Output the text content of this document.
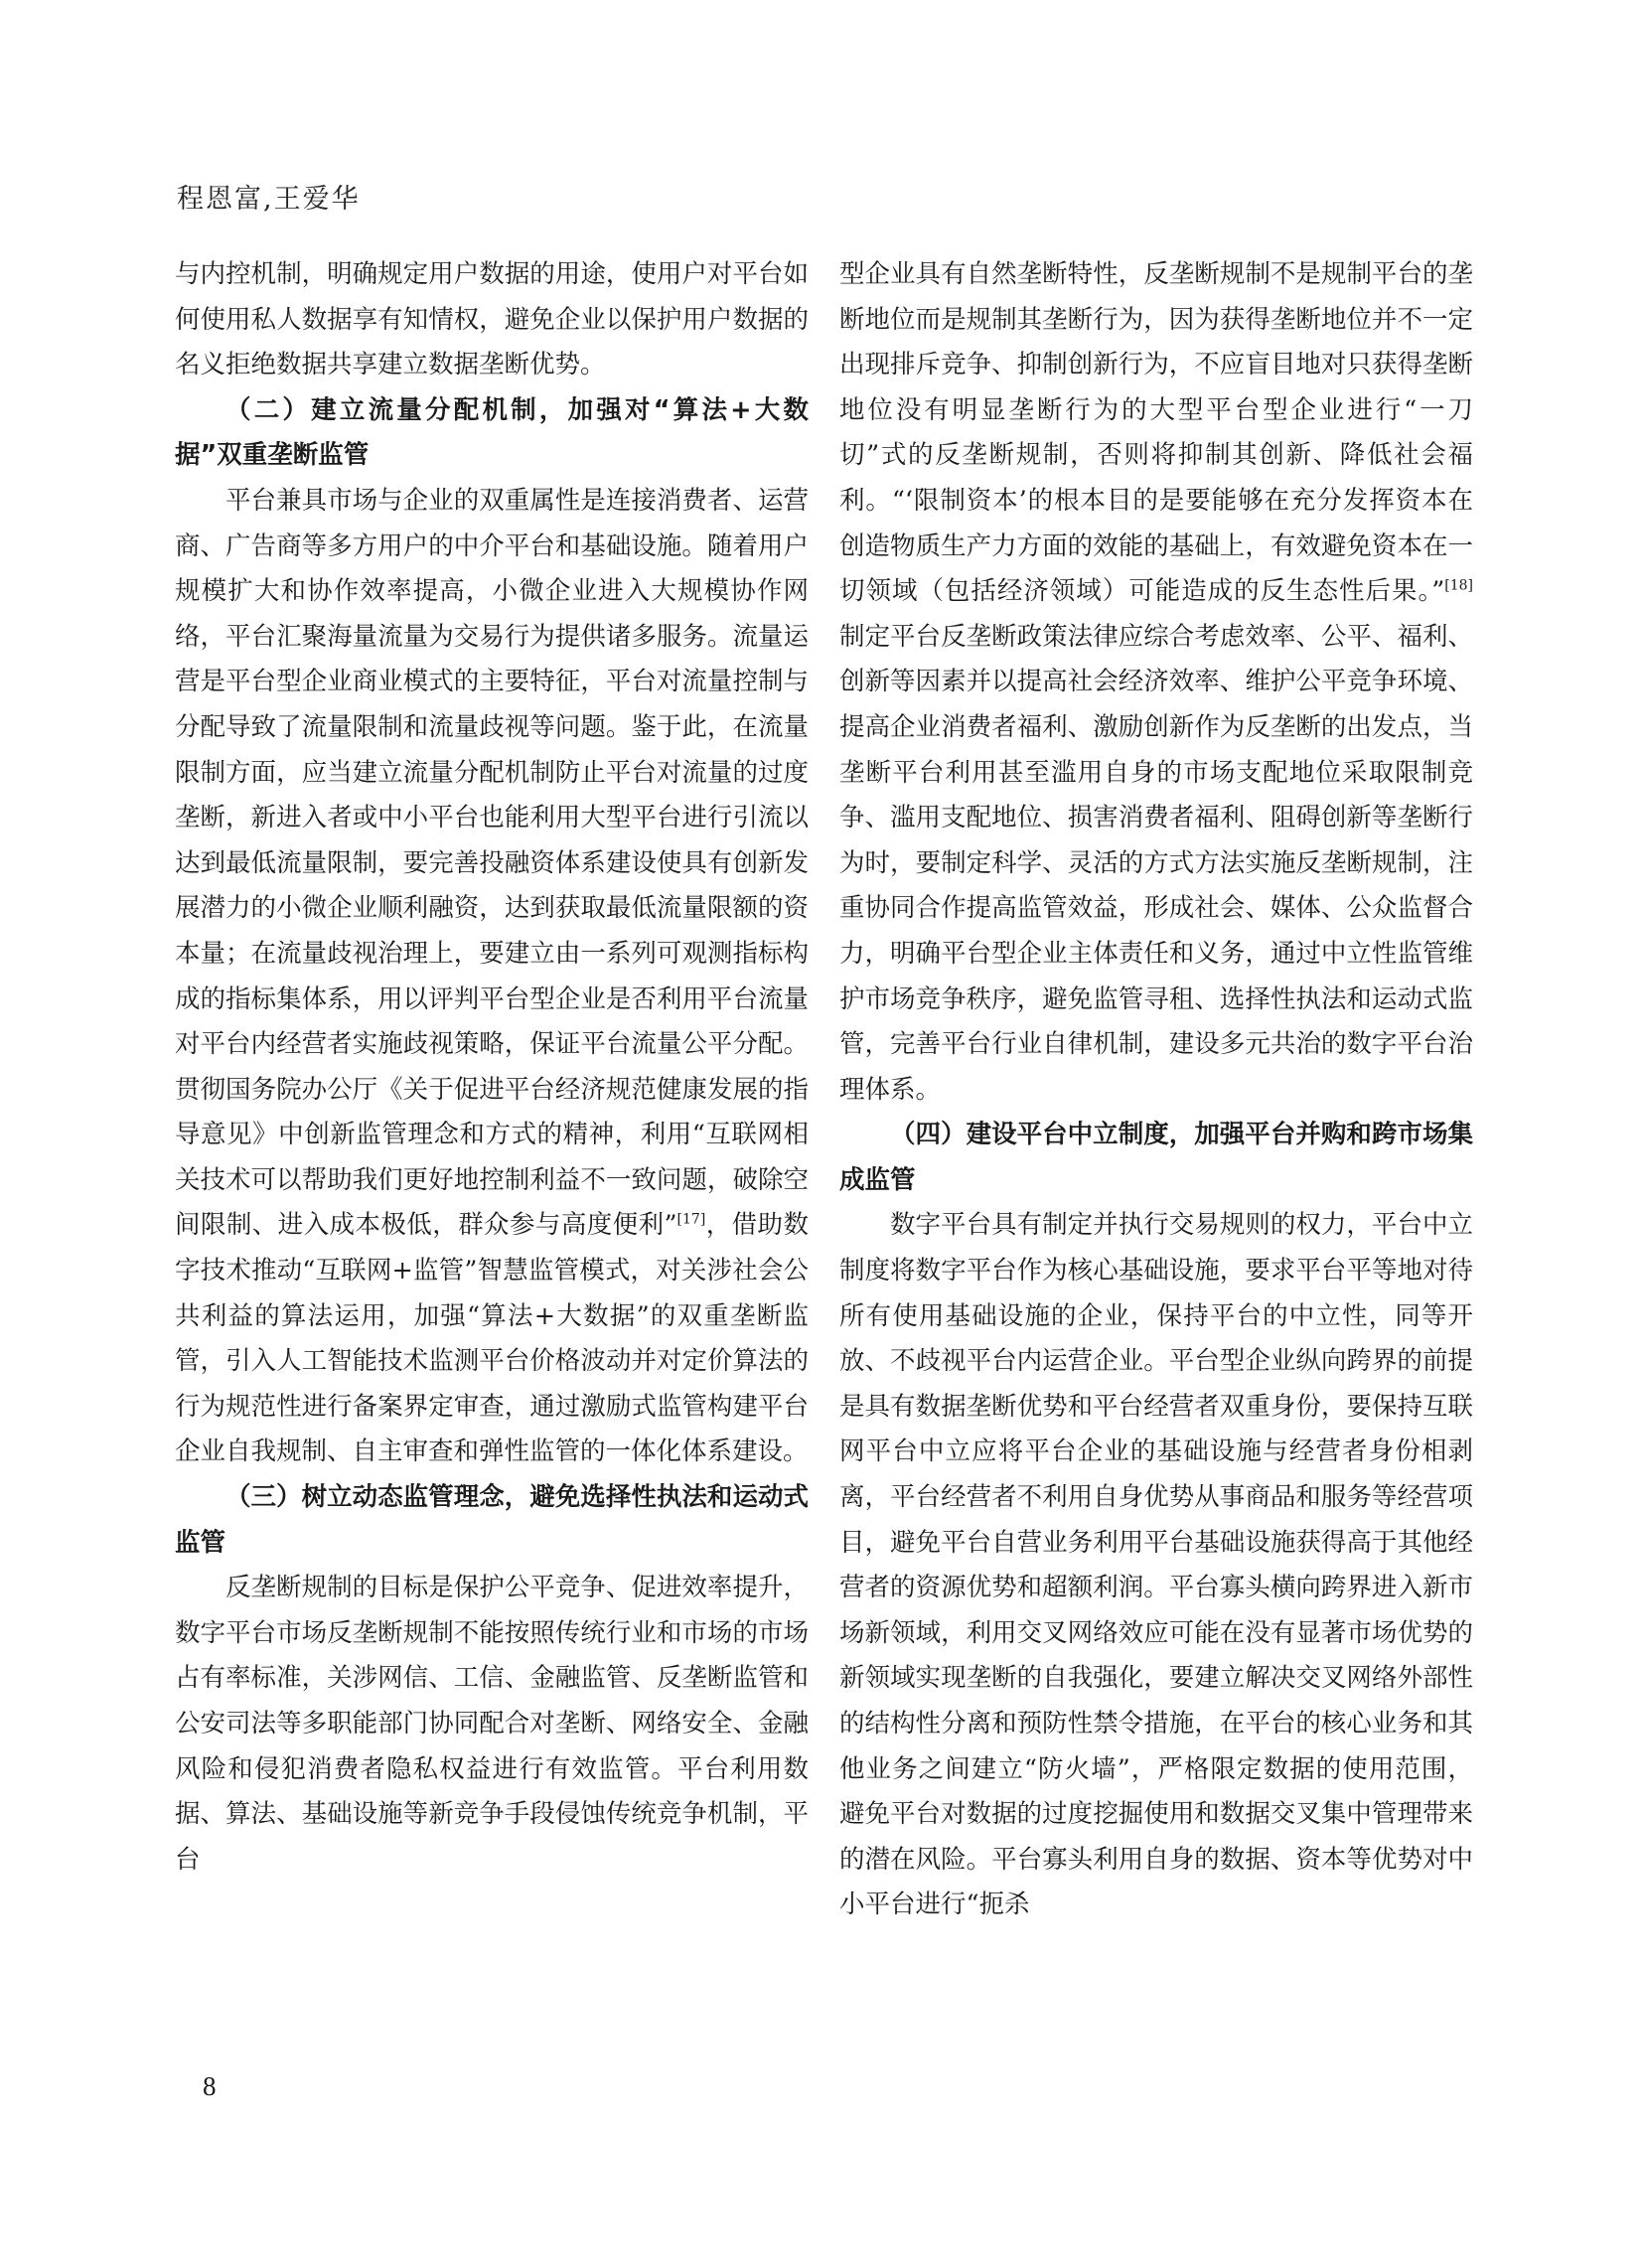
程恩富,王爱华

与内控机制，明确规定用户数据的用途，使用户对平台如何使用私人数据享有知情权，避免企业以保护用户数据的名义拒绝数据共享建立数据垄断优势。

（二）建立流量分配机制，加强对“算法+大数据”双重垄断监管

平台兼具市场与企业的双重属性是连接消费者、运营商、广告商等多方用户的中介平台和基础设施。随着用户规模扩大和协作效率提高，小微企业进入大规模协作网络，平台汇聚海量流量为交易行为提供诸多服务。流量运营是平台型企业商业模式的主要特征，平台对流量控制与分配导致了流量限制和流量歧视等问题。鉴于此，在流量限制方面，应当建立流量分配机制防止平台对流量的过度垄断，新进入者或中小平台也能利用大型平台进行引流以达到最低流量限制，要完善投融资体系建设使具有创新发展潜力的小微企业顺利融资，达到获取最低流量限额的资本量；在流量歧视治理上，要建立由一系列可观测指标构成的指标集体系，用以评判平台型企业是否利用平台流量对平台内经营者实施歧视策略，保证平台流量公平分配。贯彻国务院办公厅《关于促进平台经济规范健康发展的指导意见》中创新监管理念和方式的精神，利用“互联网相关技术可以帮助我们更好地控制利益不一致问题，破除空间限制、进入成本极低，群众参与高度便利”[17]，借助数字技术推动“互联网+监管”智慧监管模式，对关涉社会公共利益的算法运用，加强“算法+大数据”的双重垄断监管，引入人工智能技术监测平台价格波动并对定价算法的行为规范性进行备案界定审查，通过激励式监管构建平台企业自我规制、自主审查和弹性监管的一体化体系建设。

（三）树立动态监管理念，避免选择性执法和运动式监管

反垄断规制的目标是保护公平竞争、促进效率提升，数字平台市场反垄断规制不能按照传统行业和市场的市场占有率标准，关涉网信、工信、金融监管、反垄断监管和公安司法等多职能部门协同配合对垄断、网络安全、金融风险和侵犯消费者隐私权益进行有效监管。平台利用数据、算法、基础设施等新竞争手段侵蚀传统竞争机制，平台

型企业具有自然垄断特性，反垄断规制不是规制平台的垄断地位而是规制其垄断行为，因为获得垄断地位并不一定出现排斥竞争、抑制创新行为，不应盲目地对只获得垄断地位没有明显垄断行为的大型平台型企业进行“一刀切”式的反垄断规制，否则将抑制其创新、降低社会福利。“‘限制资本’的根本目的是要能够在充分发挥资本在创造物质生产力方面的效能的基础上，有效避免资本在一切领域（包括经济领域）可能造成的反生态性后果。”[18]制定平台反垄断政策法律应综合考虑效率、公平、福利、创新等因素并以提高社会经济效率、维护公平竞争环境、提高企业消费者福利、激励创新作为反垄断的出发点，当垄断平台利用甚至滥用自身的市场支配地位采取限制竞争、滥用支配地位、损害消费者福利、阻碍创新等垄断行为时，要制定科学、灵活的方式方法实施反垄断规制，注重协同合作提高监管效益，形成社会、媒体、公众监督合力，明确平台型企业主体责任和义务，通过中立性监管维护市场竞争秩序，避免监管寻租、选择性执法和运动式监管，完善平台行业自律机制，建设多元共治的数字平台治理体系。

（四）建设平台中立制度，加强平台并购和跨市场集成监管

数字平台具有制定并执行交易规则的权力，平台中立制度将数字平台作为核心基础设施，要求平台平等地对待所有使用基础设施的企业，保持平台的中立性，同等开放、不歧视平台内运营企业。平台型企业纵向跨界的前提是具有数据垄断优势和平台经营者双重身份，要保持互联网平台中立应将平台企业的基础设施与经营者身份相剥离，平台经营者不利用自身优势从事商品和服务等经营项目，避免平台自营业务利用平台基础设施获得高于其他经营者的资源优势和超额利润。平台寡头横向跨界进入新市场新领域，利用交叉网络效应可能在没有显著市场优势的新领域实现垄断的自我强化，要建立解决交叉网络外部性的结构性分离和预防性禁令措施，在平台的核心业务和其他业务之间建立“防火墙”，严格限定数据的使用范围，避免平台对数据的过度挖掘使用和数据交叉集中管理带来的潜在风险。平台寡头利用自身的数据、资本等优势对中小平台进行“扼杀

8
